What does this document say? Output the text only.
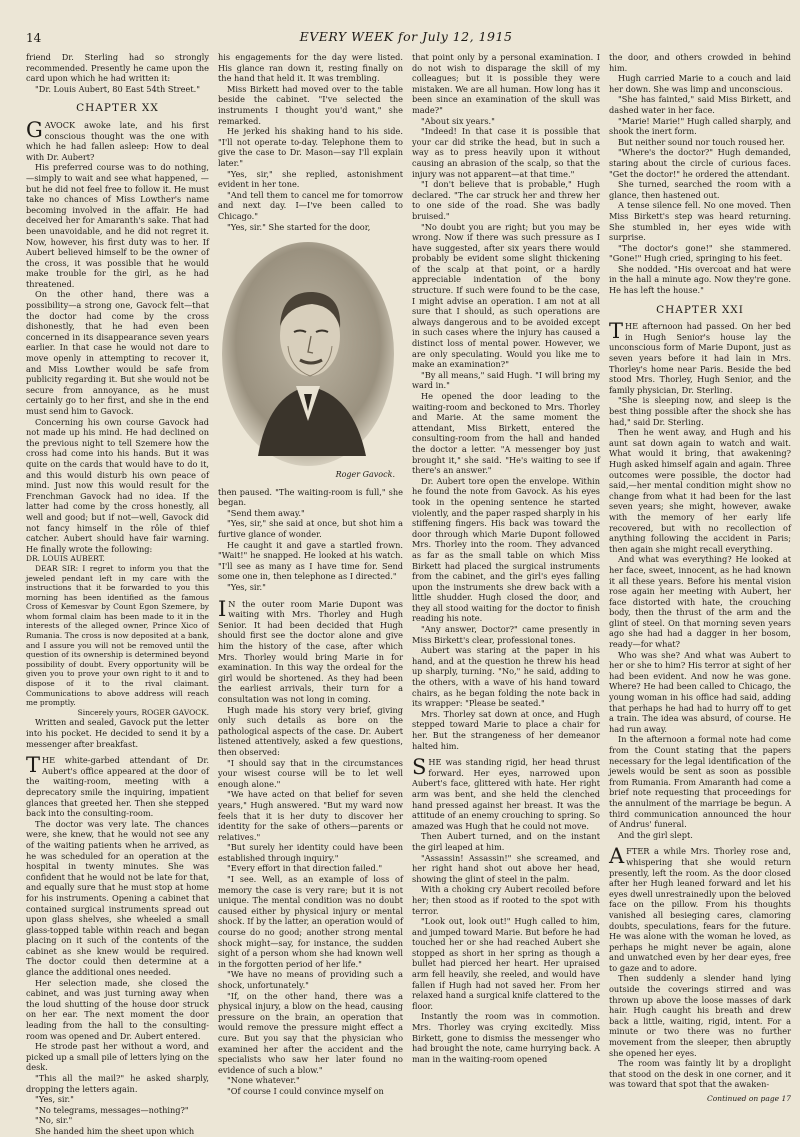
14	EVERY WEEK for July 12, 1915

friend Dr. Sterling had so strongly recommended. Presently he came upon the card upon which he had written it:

"Dr. Louis Aubert, 80 East 54th Street."

CHAPTER XX

GAVOCK awoke late, and his first conscious thought was the one with which he had fallen asleep: How to deal with Dr. Aubert?

His preferred course was to do nothing, —simply to wait and see what happened, —but he did not feel free to follow it. He must take no chances of Miss Lowther's name becoming involved in the affair. He had deceived her for Amaranth's sake. That had been unavoidable, and he did not regret it. Now, however, his first duty was to her. If Aubert believed himself to be the owner of the cross, it was possible that he would make trouble for the girl, as he had threatened.

On the other hand, there was a possibility—a strong one, Gavock felt—that the doctor had come by the cross dishonestly, that he had even been concerned in its disappearance seven years earlier. In that case he would not dare to move openly in attempting to recover it, and Miss Lowther would be safe from publicity regarding it. But she would not be secure from annoyance, as he must certainly go to her first, and she in the end must send him to Gavock.

Concerning his own course Gavock had not made up his mind. He had declined on the previous night to tell Szemere how the cross had come into his hands. But it was quite on the cards that would have to do it, and this would disturb his own peace of mind. Just now this would result for the Frenchman Gavock had no idea. If the latter had come by the cross honestly, all well and good; but if not—well, Gavock did not fancy himself in the rôle of thief catcher. Aubert should have fair warning. He finally wrote the following:

DR. LOUIS AUBERT.

DEAR SIR: I regret to inform you that the jeweled pendant left in my care with the instructions that it be forwarded to you this morning has been identified as the famous Cross of Kemesvar by Count Egon Szemere, by whom formal claim has been made to it in the interests of the alleged owner, Prince Xico of Rumania. The cross is now deposited at a bank, and I assure you will not be removed until the question of its ownership is determined beyond possibility of doubt. Every opportunity will be given you to prove your own right to it and to dispose of it to the rival claimant. Communications to above address will reach me promptly.

Sincerely yours, ROGER GAVOCK.

Written and sealed, Gavock put the letter into his pocket. He decided to send it by a messenger after breakfast.

THE white-garbed attendant of Dr. Aubert's office appeared at the door of the waiting-room, meeting with a deprecatory smile the inquiring, impatient glances that greeted her. Then she stepped back into the consulting-room.

The doctor was very late. The chances were, she knew, that he would not see any of the waiting patients when he arrived, as he was scheduled for an operation at the hospital in twenty minutes. She was confident that he would not be late for that, and equally sure that he must stop at home for his instruments. Opening a cabinet that contained surgical instruments spread out upon glass shelves, she wheeled a small glass-topped table within reach and began placing on it such of the contents of the cabinet as she knew would be required. The doctor could then determine at a glance the additional ones needed.

Her selection made, she closed the cabinet, and was just turning away when the loud shutting of the house door struck on her ear. The next moment the door leading from the hall to the consulting-room was opened and Dr. Aubert entered.

He strode past her without a word, and picked up a small pile of letters lying on the desk.

"This all the mail?" he asked sharply, dropping the letters again.

"Yes, sir."

"No telegrams, messages—nothing?"

"No, sir."

She handed him the sheet upon which

his engagements for the day were listed. His glance ran down it, resting finally on the hand that held it. It was trembling.

Miss Birkett had moved over to the table beside the cabinet. "I've selected the instruments I thought you'd want," she remarked.

He jerked his shaking hand to his side. "I'll not operate to-day. Telephone them to give the case to Dr. Mason—say I'll explain later."

"Yes, sir," she replied, astonishment evident in her tone.

"And tell them to cancel me for tomorrow and next day. I—I've been called to Chicago."

"Yes, sir." She started for the door,

Roger Gavock.

then paused. "The waiting-room is full," she began.

"Send them away."

"Yes, sir," she said at once, but shot him a furtive glance of wonder.

He caught it and gave a startled frown. "Wait!" he snapped. He looked at his watch. "I'll see as many as I have time for. Send some one in, then telephone as I directed."

"Yes, sir."

I N the outer room Marie Dupont was waiting with Mrs. Thorley and Hugh Senior. It had been decided that Hugh should first see the doctor alone and give him the history of the case, after which Mrs. Thorley would bring Marie in for examination. In this way the ordeal for the girl would be shortened. As they had been the earliest arrivals, their turn for a consultation was not long in coming.

Hugh made his story very brief, giving only such details as bore on the pathological aspects of the case. Dr. Aubert listened attentively, asked a few questions, then observed:

"I should say that in the circumstances your wisest course will be to let well enough alone."

"We have acted on that belief for seven years," Hugh answered. "But my ward now feels that it is her duty to discover her identity for the sake of others—parents or relatives."

"But surely her identity could have been established through inquiry."

"Every effort in that direction failed."

"I see. Well, as an example of loss of memory the case is very rare; but it is not unique. The mental condition was no doubt caused either by physical injury or mental shock. If by the latter, an operation would of course do no good; another strong mental shock might—say, for instance, the sudden sight of a person whom she had known well in the forgotten period of her life."

"We have no means of providing such a shock, unfortunately."

"If, on the other hand, there was a physical injury, a blow on the head, causing pressure on the brain, an operation that would remove the pressure might effect a cure. But you say that the physician who examined her after the accident and the specialists who saw her later found no evidence of such a blow."

"None whatever."

"Of course I could convince myself on

that point only by a personal examination. I do not wish to disparage the skill of my colleagues; but it is possible they were mistaken. We are all human. How long has it been since an examination of the skull was made?"

"About six years."

"Indeed! In that case it is possible that your car did strike the head, but in such a way as to press heavily upon it without causing an abrasion of the scalp, so that the injury was not apparent—at that time."

"I don't believe that is probable," Hugh declared. "The car struck her and threw her to one side of the road. She was badly bruised."

"No doubt you are right; but you may be wrong. Now if there was such pressure as I have suggested, after six years there would probably be evident some slight thickening of the scalp at that point, or a hardly appreciable indentation of the bony structure. If such were found to be the case, I might advise an operation. I am not at all sure that I should, as such operations are always dangerous and to be avoided except in such cases where the injury has caused a distinct loss of mental power. However, we are only speculating. Would you like me to make an examination?"

"By all means," said Hugh. "I will bring my ward in."

He opened the door leading to the waiting-room and beckoned to Mrs. Thorley and Marie. At the same moment the attendant, Miss Birkett, entered the consulting-room from the hall and handed the doctor a letter. "A messenger boy just brought it," she said. "He's waiting to see if there's an answer."

Dr. Aubert tore open the envelope. Within he found the note from Gavock. As his eyes took in the opening sentence he started violently, and the paper rasped sharply in his stiffening fingers. His back was toward the door through which Marie Dupont followed Mrs. Thorley into the room. They advanced as far as the small table on which Miss Birkett had placed the surgical instruments from the cabinet, and the girl's eyes falling upon the instruments she drew back with a little shudder. Hugh closed the door, and they all stood waiting for the doctor to finish reading his note.

"Any answer, Doctor?" came presently in Miss Birkett's clear, professional tones.

Aubert was staring at the paper in his hand, and at the question he threw his head up sharply, turning. "No," he said, adding to the others, with a wave of his hand toward chairs, as he began folding the note back in its wrapper: "Please be seated."

Mrs. Thorley sat down at once, and Hugh stepped toward Marie to place a chair for her. But the strangeness of her demeanor halted him.

SHE was standing rigid, her head thrust forward. Her eyes, narrowed upon Aubert's face, glittered with hate. Her right arm was bent, and she held the clenched hand pressed against her breast. It was the attitude of an enemy crouching to spring. So amazed was Hugh that he could not move.

Then Aubert turned, and on the instant the girl leaped at him.

"Assassin! Assassin!" she screamed, and her right hand shot out above her head, showing the glint of steel in the palm.

With a choking cry Aubert recoiled before her; then stood as if rooted to the spot with terror.

"Look out, look out!" Hugh called to him, and jumped toward Marie. But before he had touched her or she had reached Aubert she stopped as short in her spring as though a bullet had pierced her heart. Her upraised arm fell heavily, she reeled, and would have fallen if Hugh had not saved her. From her relaxed hand a surgical knife clattered to the floor.

Instantly the room was in commotion. Mrs. Thorley was crying excitedly. Miss Birkett, gone to dismiss the messenger who had brought the note, came hurrying back. A man in the waiting-room opened

the door, and others crowded in behind him.

Hugh carried Marie to a couch and laid her down. She was limp and unconscious.

"She has fainted," said Miss Birkett, and dashed water in her face.

"Marie! Marie!" Hugh called sharply, and shook the inert form.

But neither sound nor touch roused her.

"Where's the doctor?" Hugh demanded, staring about the circle of curious faces. "Get the doctor!" he ordered the attendant.

She turned, searched the room with a glance, then hastened out.

A tense silence fell. No one moved. Then Miss Birkett's step was heard returning. She stumbled in, her eyes wide with surprise.

"The doctor's gone!" she stammered. "Gone!" Hugh cried, springing to his feet.

She nodded. "His overcoat and hat were in the hall a minute ago. Now they're gone. He has left the house."

CHAPTER XXI

THE afternoon had passed. On her bed in Hugh Senior's house lay the unconscious form of Marie Dupont, just as seven years before it had lain in Mrs. Thorley's home near Paris. Beside the bed stood Mrs. Thorley, Hugh Senior, and the family physician, Dr. Sterling.

"She is sleeping now, and sleep is the best thing possible after the shock she has had," said Dr. Sterling.

Then he went away, and Hugh and his aunt sat down again to watch and wait. What would it bring, that awakening? Hugh asked himself again and again. Three outcomes were possible, the doctor had said,—her mental condition might show no change from what it had been for the last seven years; she might, however, awake with the memory of her early life recovered, but with no recollection of anything following the accident in Paris; then again she might recall everything.

And what was everything? He looked at her face, sweet, innocent, as he had known it all these years. Before his mental vision rose again her meeting with Aubert, her face distorted with hate, the crouching body, then the thrust of the arm and the glint of steel. On that morning seven years ago she had had a dagger in her bosom, ready—for what?

Who was she? And what was Aubert to her or she to him? His terror at sight of her had been evident. And now he was gone. Where? He had been called to Chicago, the young woman in his office had said, adding that perhaps he had had to hurry off to get a train. The idea was absurd, of course. He had run away.

In the afternoon a formal note had come from the Count stating that the papers necessary for the legal identification of the jewels would be sent as soon as possible from Rumania. From Amaranth had come a brief note requesting that proceedings for the annulment of the marriage be begun. A third communication announced the hour of Andrus' funeral.

And the girl slept.

AFTER a while Mrs. Thorley rose and, whispering that she would return presently, left the room. As the door closed after her Hugh leaned forward and let his eyes dwell unrestrainedly upon the beloved face on the pillow. From his thoughts vanished all besieging cares, clamoring doubts, speculations, fears for the future. He was alone with the woman he loved, as perhaps he might never be again, alone and unwatched even by her dear eyes, free to gaze and to adore.

Then suddenly a slender hand lying outside the coverings stirred and was thrown up above the loose masses of dark hair. Hugh caught his breath and drew back a little, waiting, rigid, intent. For a minute or two there was no further movement from the sleeper, then abruptly she opened her eyes.

The room was faintly lit by a droplight that stood on the desk in one corner, and it was toward that spot that the awaken-

Continued on page 17
